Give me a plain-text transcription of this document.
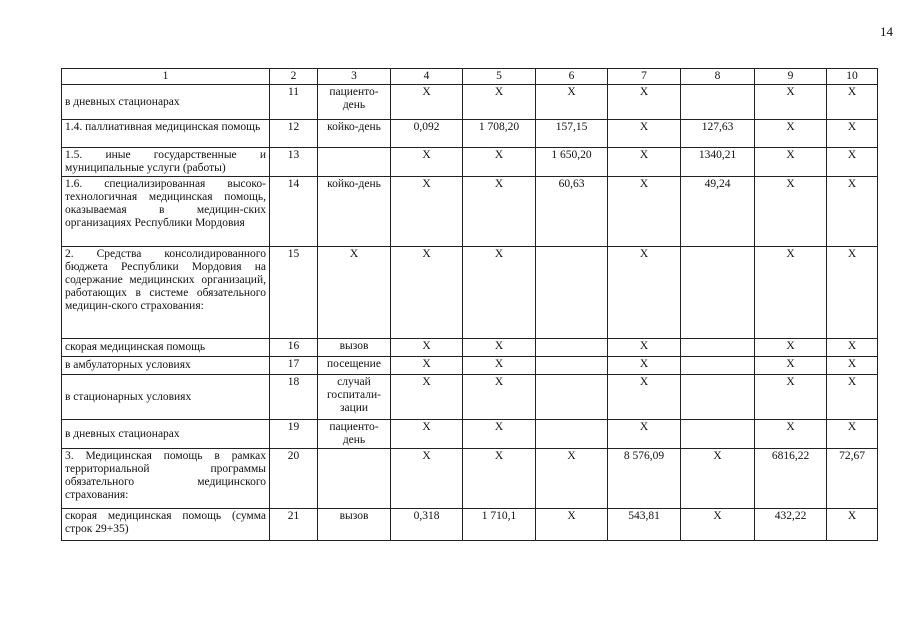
14
1	2	3	4	5	6	7	8	9	10
в дневных стационарах	11	пациенто-день	Х	Х	Х	Х		Х	Х
1.4. паллиативная медицинская помощь	12	койко-день	0,092	1 708,20	157,15	Х	127,63	Х	Х
1.5. иные государственные и муниципальные услуги (работы)	13		Х	Х	1 650,20	Х	1340,21	Х	Х
1.6. специализированная высоко-технологичная медицинская помощь, оказываемая в медицин-ских организациях Республики Мордовия	14	койко-день	Х	Х	60,63	Х	49,24	Х	Х
2. Средства консолидированного бюджета Республики Мордовия на содержание медицинских организаций, работающих в системе обязательного медицин-ского страхования:	15	Х	Х	Х		Х		Х	Х
скорая медицинская помощь	16	вызов	Х	Х		Х		Х	Х
в амбулаторных условиях	17	посещение	Х	Х		Х		Х	Х
в стационарных условиях	18	случай госпитали-зации	Х	Х		Х		Х	Х
в дневных стационарах	19	пациенто-день	Х	Х		Х		Х	Х
3. Медицинская помощь в рамках территориальной программы обязательного медицинского страхования:	20		Х	Х	Х	8 576,09	Х	6816,22	72,67
скорая медицинская помощь (сумма строк 29+35)	21	вызов	0,318	1 710,1	Х	543,81	Х	432,22	Х
